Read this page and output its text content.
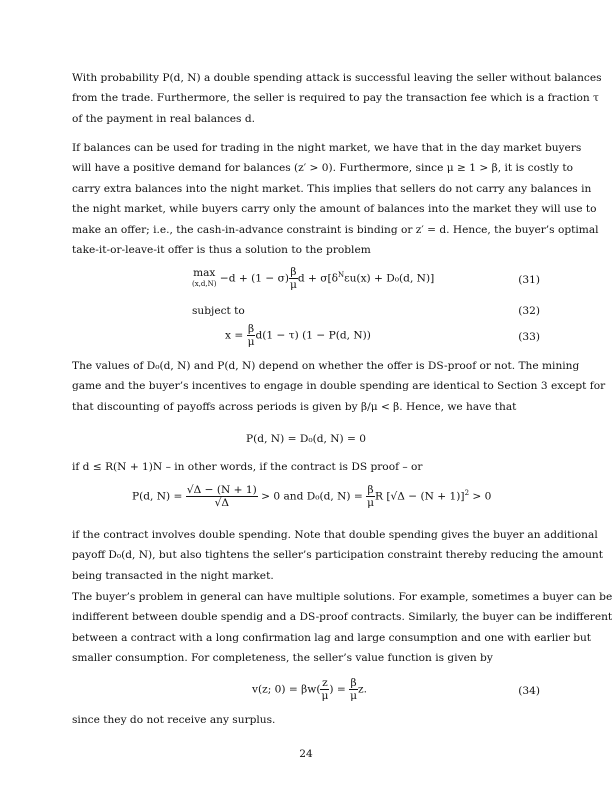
With probability P(d, N) a double spending attack is successful leaving the seller without balances
from the trade. Furthermore, the seller is required to pay the transaction fee which is a fraction τ
of the payment in real balances d.

If balances can be used for trading in the night market, we have that in the day market buyers
will have a positive demand for balances (z′ > 0). Furthermore, since μ ≥ 1 > β, it is costly to
carry extra balances into the night market. This implies that sellers do not carry any balances in
the night market, while buyers carry only the amount of balances into the market they will use to
make an offer; i.e., the cash-in-advance constraint is binding or z′ = d. Hence, the buyer’s optimal
take-it-or-leave-it offer is thus a solution to the problem

max
$(x,d,N) -d + (1 - \sigma) \frac{\beta}{\mu}$ $d + \sigma[\delta^N\varepsilon u(x) + D_0(d$, N)]	(31)
subject to	(32)
$x = \frac{\beta}{\mu} d(1 - \tau) (1 - P(d$, N))	(33)

The values of D₀(d, N) and P(d, N) depend on whether the offer is DS-proof or not. The mining
game and the buyer’s incentives to engage in double spending are identical to Section 3 except for
that discounting of payoffs across periods is given by β/μ < β. Hence, we have that

P(d, N) = D₀(d, N) = 0

if d ≤ R(N + 1)N – in other words, if the contract is DS proof – or

P(d, $N) = \frac{√\Delta - (N + 1)}{√\Delta} > 0$ and D₀(d, $N) = \frac{\beta}{\mu}$ R $[√\Delta - (N + 1)]^2 > 0$

if the contract involves double spending. Note that double spending gives the buyer an additional
payoff D₀(d, N), but also tightens the seller’s participation constraint thereby reducing the amount
being transacted in the night market.

The buyer’s problem in general can have multiple solutions. For example, sometimes a buyer can be
indifferent between double spendig and a DS-proof contracts. Similarly, the buyer can be indifferent
between a contract with a long confirmation lag and large consumption and one with earlier but
smaller consumption. For completeness, the seller’s value function is given by

v(z; $0) = \beta w( \frac{z}{\mu}$ ) = $\frac{\beta}{\mu} z$.	(34)

since they do not receive any surplus.

24
